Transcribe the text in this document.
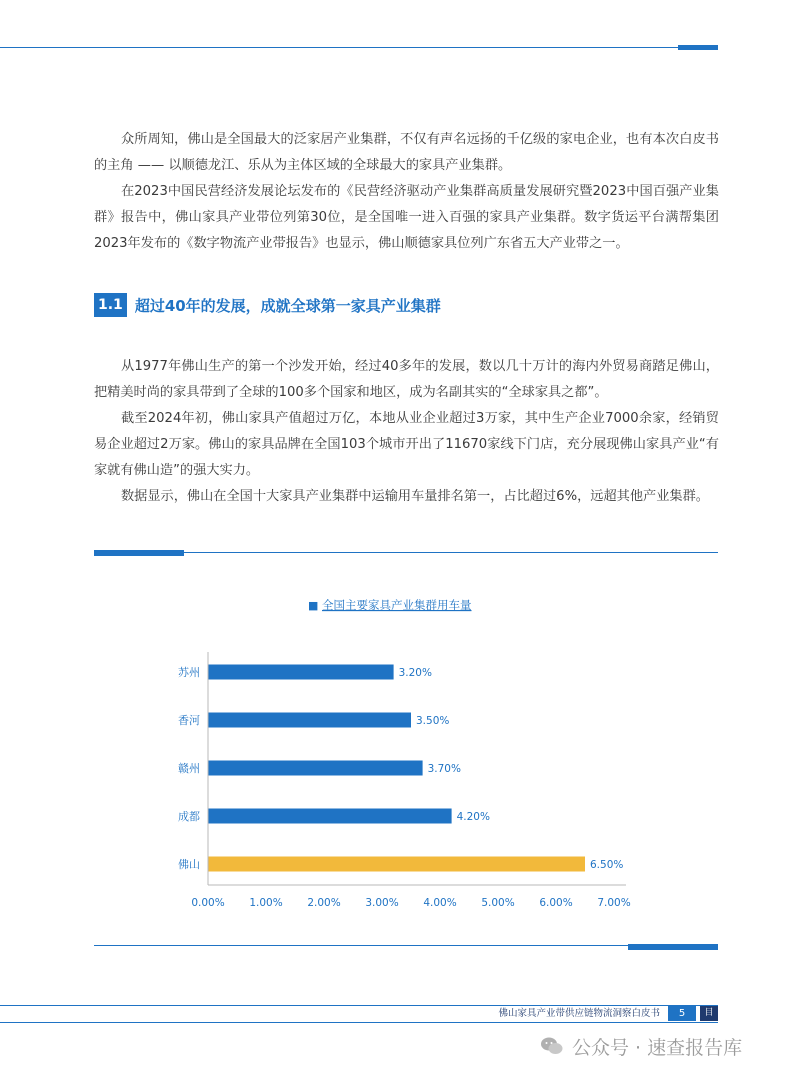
众所周知，佛山是全国最大的泛家居产业集群，不仅有声名远扬的千亿级的家电企业，也有本次白皮书的主角 —— 以顺德龙江、乐从为主体区域的全球最大的家具产业集群。

在2023中国民营经济发展论坛发布的《民营经济驱动产业集群高质量发展研究暨2023中国百强产业集群》报告中，佛山家具产业带位列第30位，是全国唯一进入百强的家具产业集群。数字货运平台满帮集团2023年发布的《数字物流产业带报告》也显示，佛山顺德家具位列广东省五大产业带之一。

1.1 超过40年的发展，成就全球第一家具产业集群

从1977年佛山生产的第一个沙发开始，经过40多年的发展，数以几十万计的海内外贸易商踏足佛山，把精美时尚的家具带到了全球的100多个国家和地区，成为名副其实的“全球家具之都”。

截至2024年初，佛山家具产值超过万亿，本地从业企业超过3万家，其中生产企业7000余家，经销贸易企业超过2万家。佛山的家具品牌在全国103个城市开出了11670家线下门店，充分展现佛山家具产业“有家就有佛山造”的强大实力。

数据显示，佛山在全国十大家具产业集群中运输用车量排名第一，占比超过6%，远超其他产业集群。

■ 全国主要家具产业集群用车量
苏州	3.20%
香河	3.50%
赣州	3.70%
成都	4.20%
佛山	6.50%
0.00% 1.00% 2.00% 3.00% 4.00% 5.00% 6.00% 7.00%
佛山家具产业带供应链物流洞察白皮书	5	目
公众号 · 速查报告库
